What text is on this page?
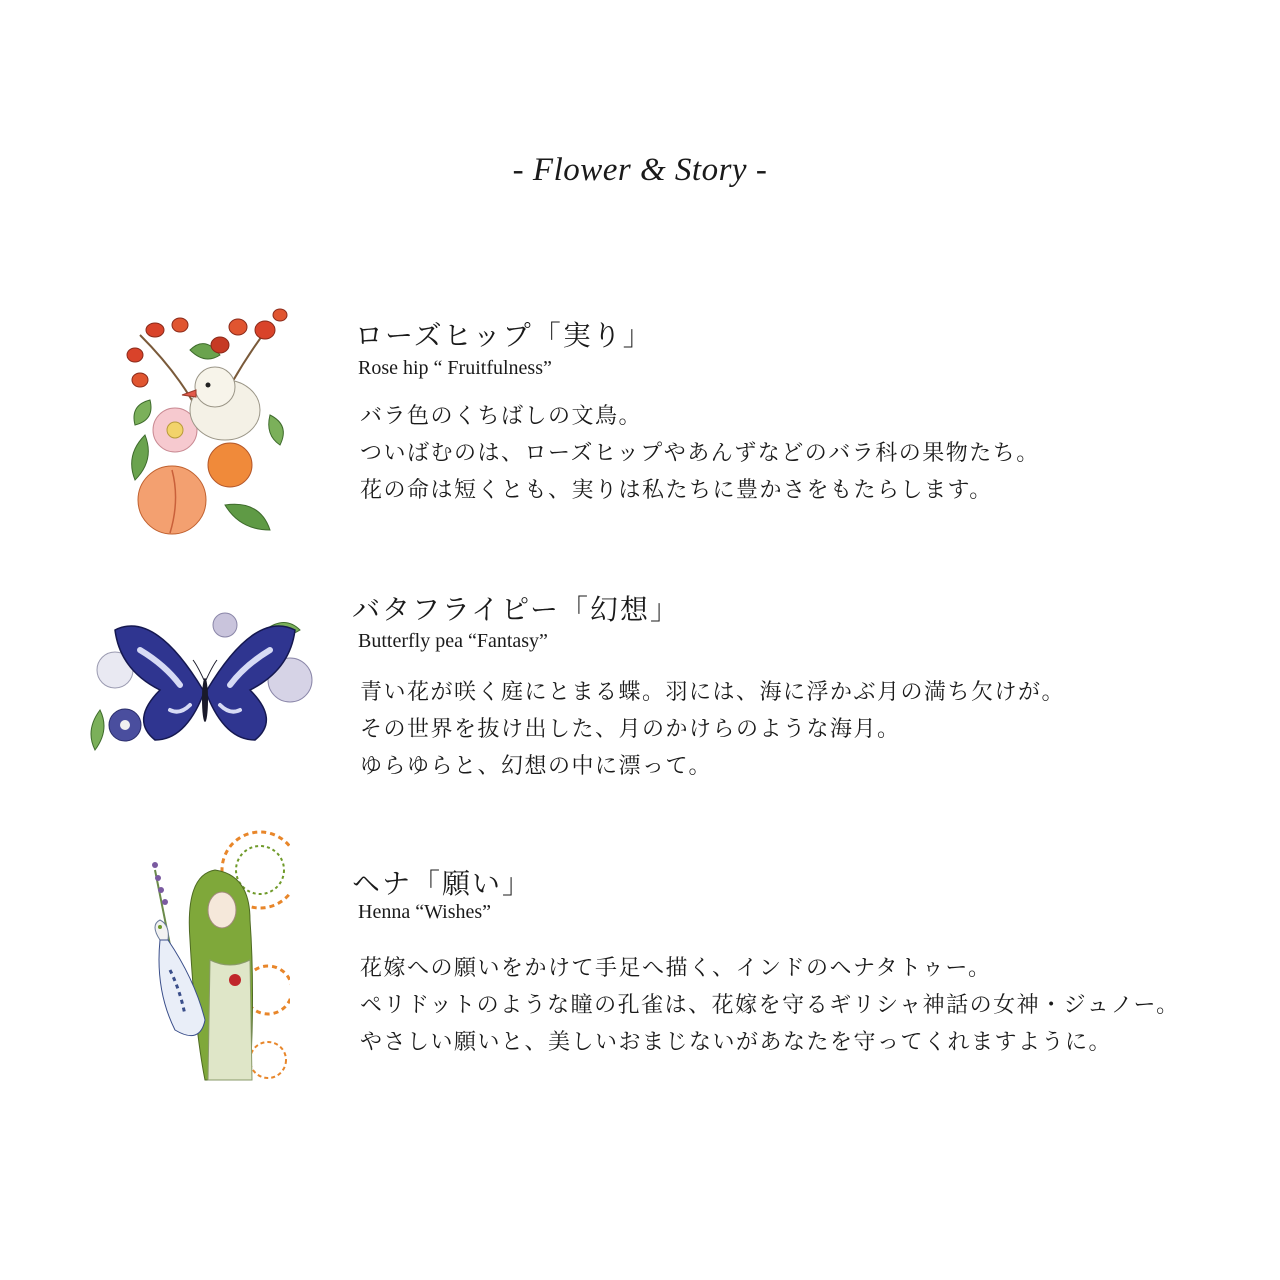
- Flower & Story -
ローズヒップ「実り」
Rose hip “ Fruitfulness”
バラ色のくちばしの文鳥。
ついばむのは、ローズヒップやあんずなどのバラ科の果物たち。
花の命は短くとも、実りは私たちに豊かさをもたらします。
バタフライピー「幻想」
Butterfly pea “Fantasy”
青い花が咲く庭にとまる蝶。羽には、海に浮かぶ月の満ち欠けが。
その世界を抜け出した、月のかけらのような海月。
ゆらゆらと、幻想の中に漂って。
ヘナ「願い」
Henna “Wishes”
花嫁への願いをかけて手足へ描く、インドのヘナタトゥー。
ペリドットのような瞳の孔雀は、花嫁を守るギリシャ神話の女神・ジュノー。
やさしい願いと、美しいおまじないがあなたを守ってくれますように。
